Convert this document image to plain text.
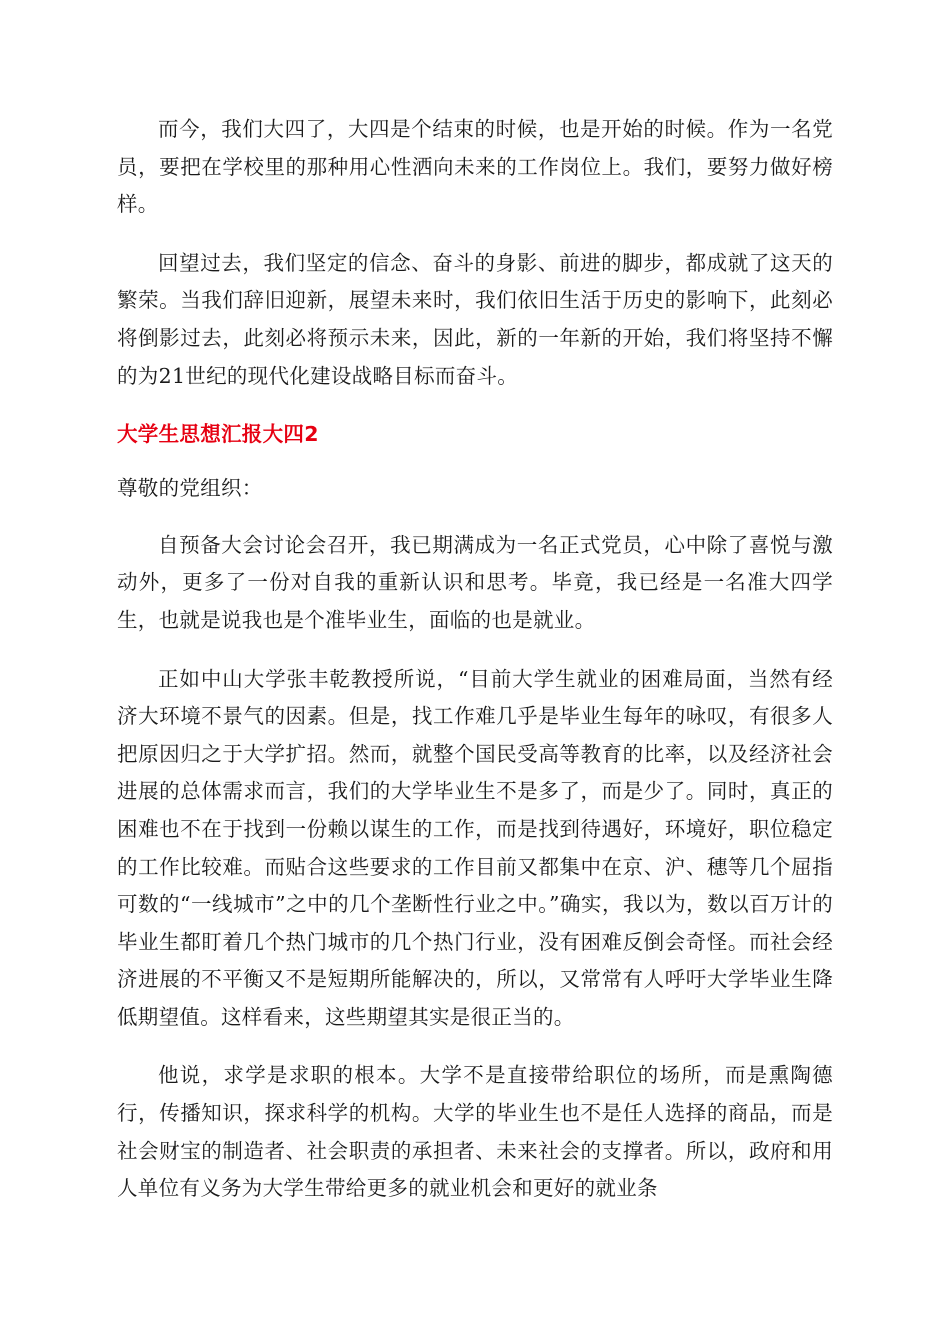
而今，我们大四了，大四是个结束的时候，也是开始的时候。作为一名党员，要把在学校里的那种用心性洒向未来的工作岗位上。我们，要努力做好榜样。

回望过去，我们坚定的信念、奋斗的身影、前进的脚步，都成就了这天的繁荣。当我们辞旧迎新，展望未来时，我们依旧生活于历史的影响下，此刻必将倒影过去，此刻必将预示未来，因此，新的一年新的开始，我们将坚持不懈的为21世纪的现代化建设战略目标而奋斗。

大学生思想汇报大四2

尊敬的党组织：

自预备大会讨论会召开，我已期满成为一名正式党员，心中除了喜悦与激动外，更多了一份对自我的重新认识和思考。毕竟，我已经是一名准大四学生，也就是说我也是个准毕业生，面临的也是就业。

正如中山大学张丰乾教授所说，“目前大学生就业的困难局面，当然有经济大环境不景气的因素。但是，找工作难几乎是毕业生每年的咏叹，有很多人把原因归之于大学扩招。然而，就整个国民受高等教育的比率，以及经济社会进展的总体需求而言，我们的大学毕业生不是多了，而是少了。同时，真正的困难也不在于找到一份赖以谋生的工作，而是找到待遇好，环境好，职位稳定的工作比较难。而贴合这些要求的工作目前又都集中在京、沪、穗等几个屈指可数的“一线城市”之中的几个垄断性行业之中。”确实，我以为，数以百万计的毕业生都盯着几个热门城市的几个热门行业，没有困难反倒会奇怪。而社会经济进展的不平衡又不是短期所能解决的，所以，又常常有人呼吁大学毕业生降低期望值。这样看来，这些期望其实是很正当的。

他说，求学是求职的根本。大学不是直接带给职位的场所，而是熏陶德行，传播知识，探求科学的机构。大学的毕业生也不是任人选择的商品，而是社会财宝的制造者、社会职责的承担者、未来社会的支撑者。所以，政府和用人单位有义务为大学生带给更多的就业机会和更好的就业条
